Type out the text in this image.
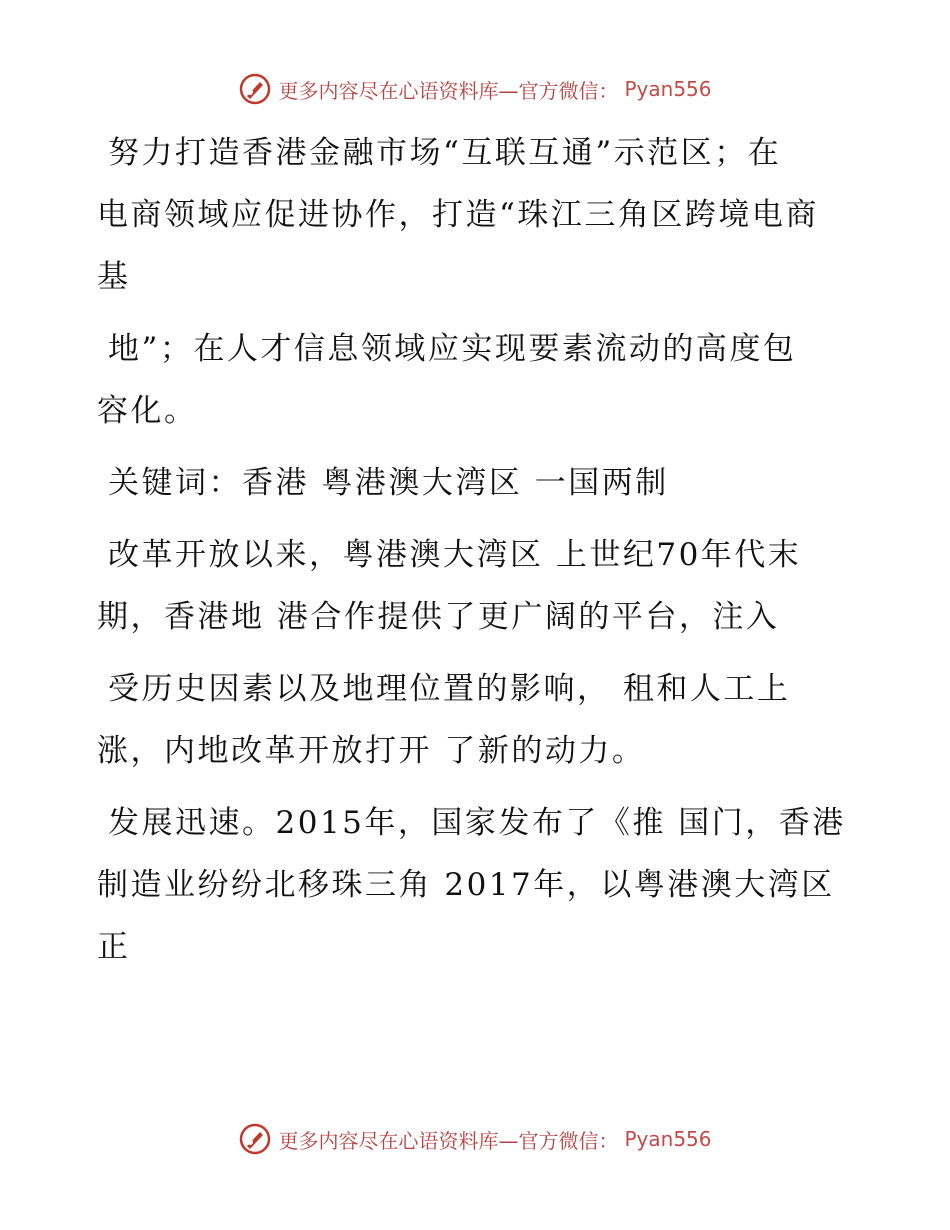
更多内容尽在心语资料库—官方微信： Pyan556
努力打造香港金融市场“互联互通”示范区；在
电商领域应促进协作，打造“珠江三角区跨境电商
基
地”；在人才信息领域应实现要素流动的高度包
容化。
关键词：香港 粤港澳大湾区 一国两制
改革开放以来，粤港澳大湾区 上世纪70年代末
期，香港地 港合作提供了更广阔的平台，注入
受历史因素以及地理位置的影响， 租和人工上
涨，内地改革开放打开 了新的动力。
发展迅速。2015年，国家发布了《推 国门，香港
制造业纷纷北移珠三角 2017年，以粤港澳大湾区
正
更多内容尽在心语资料库—官方微信： Pyan556
